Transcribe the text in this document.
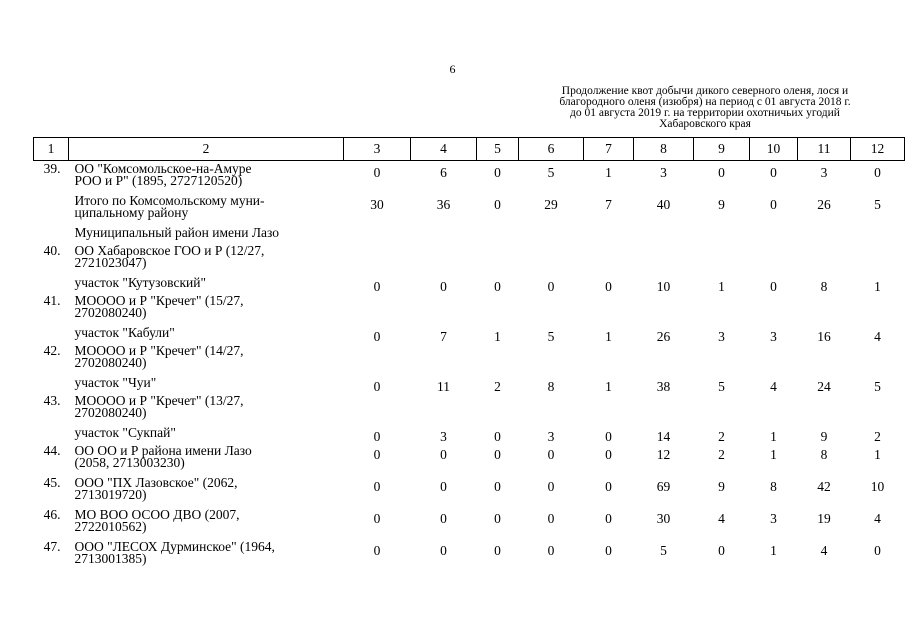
6
Продолжение квот добычи дикого северного оленя, лося и
благородного оленя (изюбря) на период с 01 августа 2018 г.
до 01 августа 2019 г. на территории охотничьих угодий
Хабаровского края
1	2	3	4	5	6	7	8	9	10	11	12
39.	ОО "Комсомольское-на-Амуре
РОО и Р" (1895, 2727120520)	0	6	0	5	1	3	0	0	3	0

	Итого по Комсомольскому муни-
ципальному району	30	36	0	29	7	40	9	0	26	5

	Муниципальный район имени Лазо										

40.	ОО Хабаровское ГОО и Р (12/27,
2721023047)										

	участок "Кутузовский"	0	0	0	0	0	10	1	0	8	1
41.	МОООО и Р "Кречет" (15/27,
2702080240)										

	участок "Кабули"	0	7	1	5	1	26	3	3	16	4
42.	МОООО и Р "Кречет" (14/27,
2702080240)										

	участок "Чуи"	0	11	2	8	1	38	5	4	24	5
43.	МОООО и Р "Кречет" (13/27,
2702080240)										

	участок "Сукпай"	0	3	0	3	0	14	2	1	9	2
44.	ОО ОО и Р района имени Лазо
(2058, 2713003230)	0	0	0	0	0	12	2	1	8	1
45.	ООО "ПХ Лазовское" (2062,
2713019720)	0	0	0	0	0	69	9	8	42	10
46.	МО ВОО ОСОО ДВО (2007,
2722010562)	0	0	0	0	0	30	4	3	19	4
47.	ООО "ЛЕСОХ Дурминское" (1964,
2713001385)	0	0	0	0	0	5	0	1	4	0
